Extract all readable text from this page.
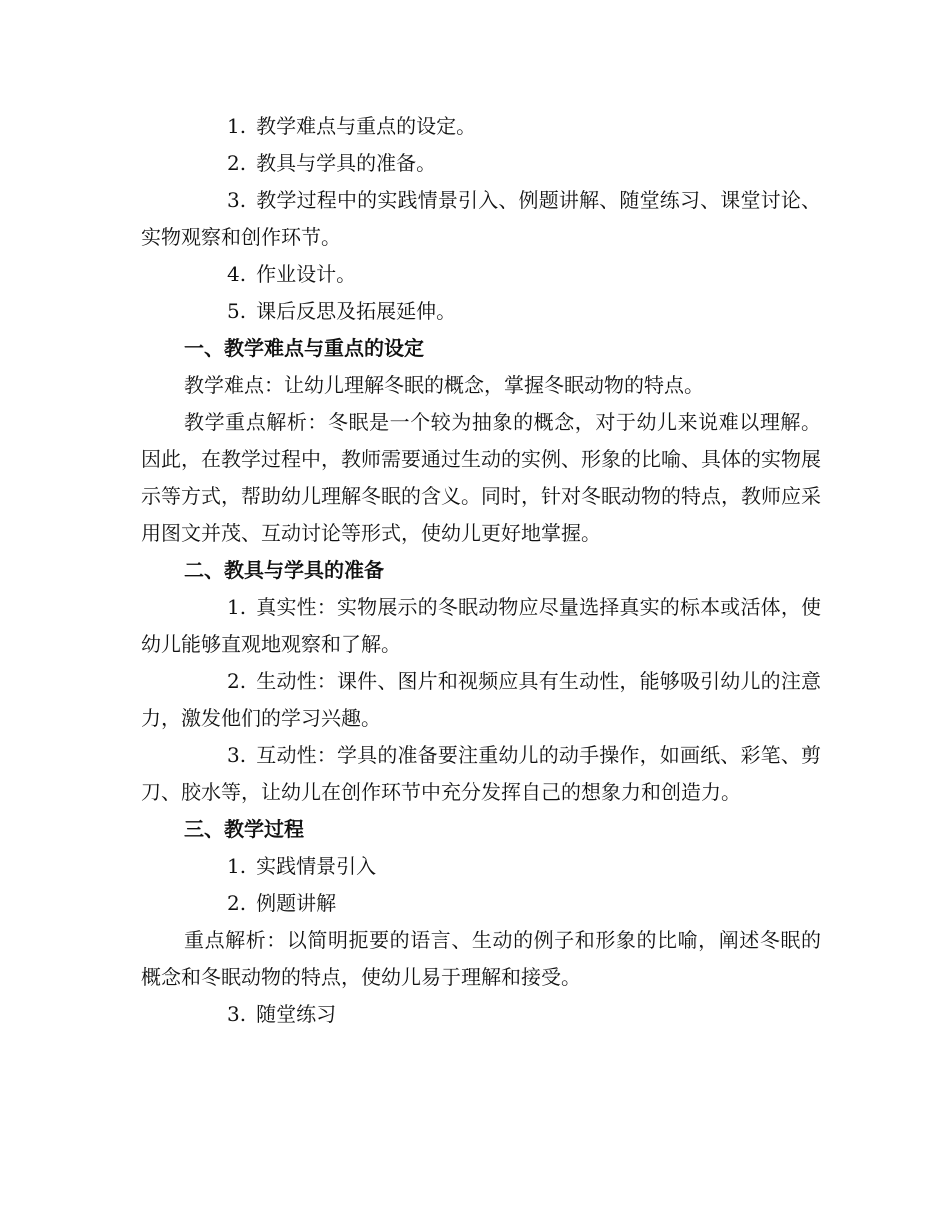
1. 教学难点与重点的设定。

2. 教具与学具的准备。

3. 教学过程中的实践情景引入、例题讲解、随堂练习、课堂讨论、实物观察和创作环节。

4. 作业设计。

5. 课后反思及拓展延伸。

一、教学难点与重点的设定

教学难点：让幼儿理解冬眠的概念，掌握冬眠动物的特点。

教学重点解析：冬眠是一个较为抽象的概念，对于幼儿来说难以理解。因此，在教学过程中，教师需要通过生动的实例、形象的比喻、具体的实物展示等方式，帮助幼儿理解冬眠的含义。同时，针对冬眠动物的特点，教师应采用图文并茂、互动讨论等形式，使幼儿更好地掌握。

二、教具与学具的准备

1. 真实性：实物展示的冬眠动物应尽量选择真实的标本或活体，使幼儿能够直观地观察和了解。

2. 生动性：课件、图片和视频应具有生动性，能够吸引幼儿的注意力，激发他们的学习兴趣。

3. 互动性：学具的准备要注重幼儿的动手操作，如画纸、彩笔、剪刀、胶水等，让幼儿在创作环节中充分发挥自己的想象力和创造力。

三、教学过程

1. 实践情景引入

2. 例题讲解

重点解析：以简明扼要的语言、生动的例子和形象的比喻，阐述冬眠的概念和冬眠动物的特点，使幼儿易于理解和接受。

3. 随堂练习
